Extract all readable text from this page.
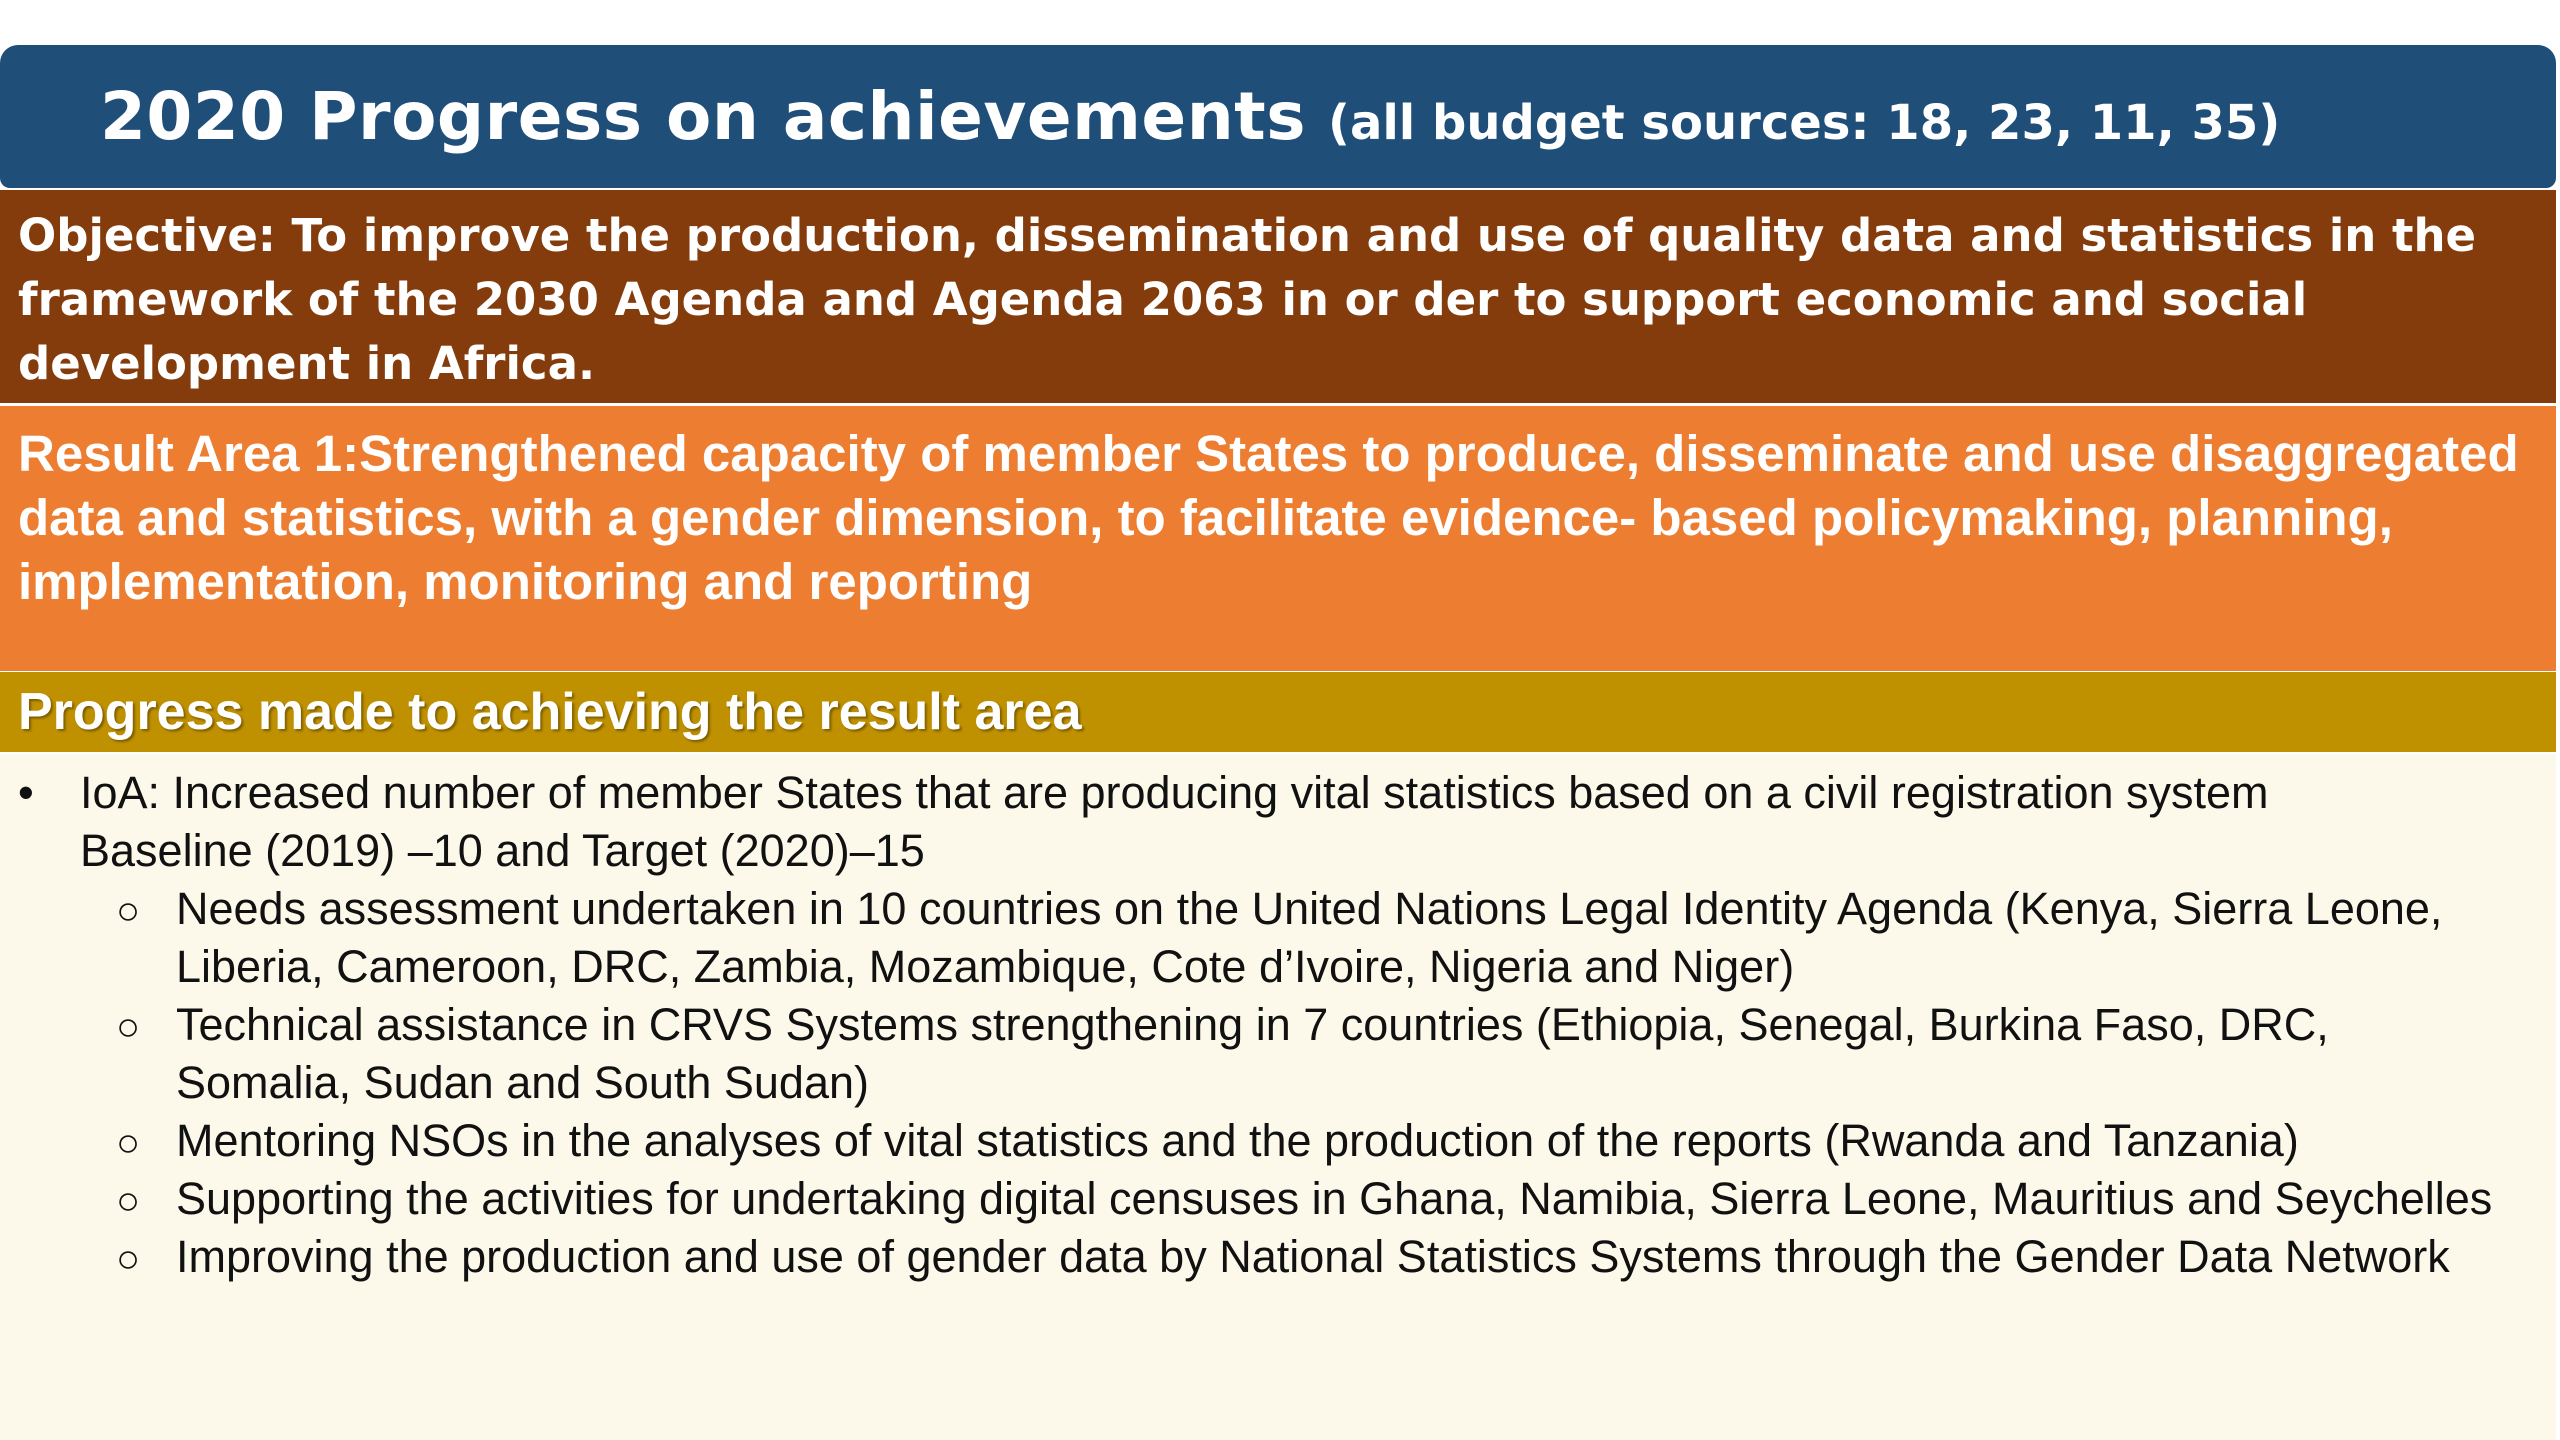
2020 Progress on achievements (all budget sources: 18, 23, 11, 35)
Objective: To improve the production, dissemination and use of quality data and statistics in the framework of the 2030 Agenda and Agenda 2063 in or der to support economic and social development in Africa.
Result Area 1:Strengthened capacity of member States to produce, disseminate and use disaggregated data and statistics, with a gender dimension, to facilitate evidence- based policymaking, planning, implementation, monitoring and reporting
Progress made to achieving the result area
• IoA: Increased number of member States that are producing vital statistics based on a civil registration system
Baseline (2019) –10 and Target (2020)–15
○ Needs assessment undertaken in 10 countries on the United Nations Legal Identity Agenda (Kenya, Sierra Leone, Liberia, Cameroon, DRC, Zambia, Mozambique, Cote d’Ivoire, Nigeria and Niger)
○ Technical assistance in CRVS Systems strengthening in 7 countries (Ethiopia, Senegal, Burkina Faso, DRC, Somalia, Sudan and South Sudan)
○ Mentoring NSOs in the analyses of vital statistics and the production of the reports (Rwanda and Tanzania)
○ Supporting the activities for undertaking digital censuses in Ghana, Namibia, Sierra Leone, Mauritius and Seychelles
○ Improving the production and use of gender data by National Statistics Systems through the Gender Data Network
